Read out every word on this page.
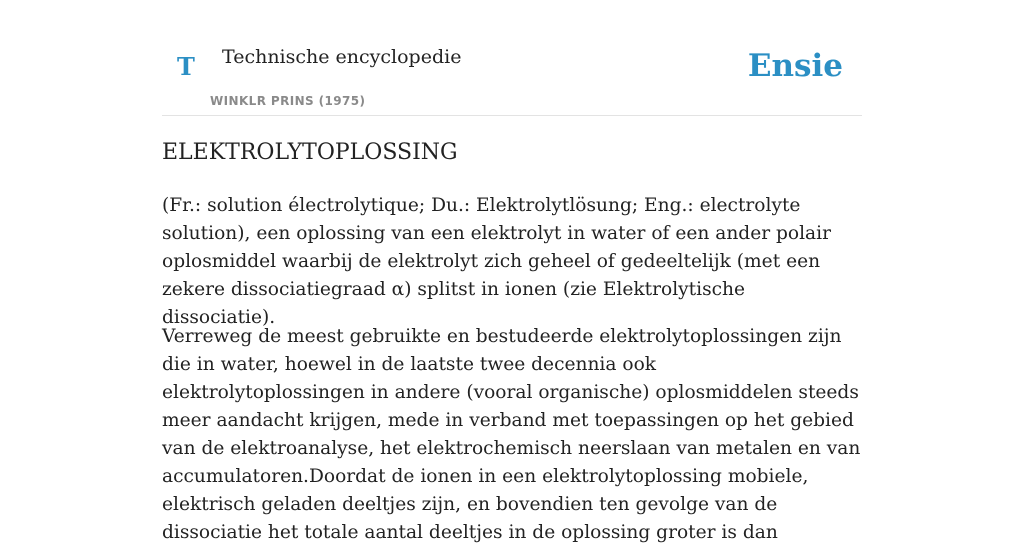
T Technische encyclopedie
WINKLR PRINS (1975)
Ensie
ELEKTROLYTOPLOSSING

(Fr.: solution électrolytique; Du.: Elektrolytlösung; Eng.: electrolyte solution), een oplossing van een elektrolyt in water of een ander polair oplosmiddel waarbij de elektrolyt zich geheel of gedeeltelijk (met een zekere dissociatiegraad α) splitst in ionen (zie Elektrolytische dissociatie).

Verreweg de meest gebruikte en bestudeerde elektrolytoplossingen zijn die in water, hoewel in de laatste twee decennia ook elektrolytoplossingen in andere (vooral organische) oplosmiddelen steeds meer aandacht krijgen, mede in verband met toepassingen op het gebied van de elektroanalyse, het elektrochemisch neerslaan van metalen en van accumulatoren.Doordat de ionen in een elektrolytoplossing mobiele, elektrisch geladen deeltjes zijn, en bovendien ten gevolge van de dissociatie het totale aantal deeltjes in de oplossing groter is dan
